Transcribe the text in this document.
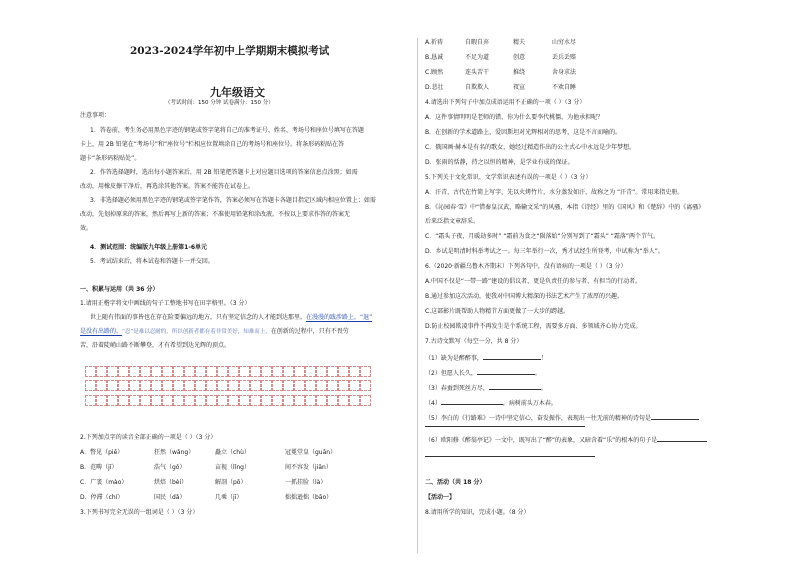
2023-2024学年初中上学期期末模拟考试
九年级语文
（考试时间：150 分钟 试卷满分：150 分）
注意事项：
1．答卷前，考生务必用黑色字迹的钢笔或签字笔将自己的准考证号、姓名、考场号和座位号填写在答题
卡上，用 2B 铅笔在“考场号”和“座位号”栏相应位置填涂自己的考场号和座位号。将条形码粘贴在答
题卡“条形码粘贴处”。
2．作答选择题时，选出每小题答案后，用 2B 铅笔把答题卡上对应题目选项的答案信息点涂黑；如需
改动，用橡皮擦干净后，再选涂其他答案。答案不能答在试卷上。
3．非选择题必须用黑色字迹的钢笔或签字笔作答，答案必须写在答题卡各题目指定区域内相应位置上；如需
改动，先划掉原来的答案，然后再写上新的答案；不准使用铅笔和涂改液。不按以上要求作答的答案无
效。
4．测试范围：统编版九年级上册第1-6单元
5．考试结束后，将本试卷和答题卡一并交回。
一、积累与运用（共 36 分）
1.请用正楷字将文中画线的句子工整地书写在田字格里。（3 分）
世上随有伟面的事皆也在存在险要偏远的地方，只有坚定信念的人才能到达那里。在漫漫的跋涉路上，“退”
是没有出路的。“忍”是难以忍耐的，所以创新者都有着非常美好，知难而上，在创新的过程中，只有不畏劳
苦，沿着陡峭山路不断攀登，才有希望到达光辉的顶点。
2.下列加点字的读音全部正确的一项是（ ）（3 分）
A．瞥见（piē）	狂然（wǎng）	矗立（chù）	冠冕堂皇（guān）
B．范畴（jī）	浩气（gǒ）	亩视（lǐng）	间不容发（jiān）
C．广袤（mào）	烘焙（bèi）	解剖（pō）	一抓挂脸（là）
D．停滞（chí）	国民（dǎ）	几乘（jī）	拙拙逊拙（bāo）
3.下列书写完全无误的一组词是（ ）（3 分）
A.祈祷	自暇自弃	精夫	山穷水尽
B.恳诚	不足为道	创意	丢兵丢赔
C.顾然	连头苦干	推绕	舍身求法
D.悲壮	自欺欺人	衩宣	不欢自睡
4.请选出下列句子中加点成语运用不正确的一项（ ）（3 分）
A．这件事情明明是老师的错，你为什么要李代桃僵，为他承担呢？
B．在创新的学术道路上，爱因斯坦对光辉相对的思考，这是不言而喻的。
C．俄国画·赫本是有名的歌女，她经过精造作出的公主式心中永远是少年梦想。
D．张雨的恬静，持之以恒的精神，是学业有成的保证。
5.下列关于文化常识、文学常识表述有误的一项是（ ）（3 分）
A．汗青，古代在竹简上写字，先以火烤竹片，水分蒸发如汗，故称之为 “汗青”。常用来指史册。
B．《沁园春·雪》中“惜秦皇汉武，略输文采”的风骚，本指《诗经》里的《国风》和《楚辞》中的《离骚》
后来泛指文章辞采。
C．“霜头子夜，月暖劫多时” “霜前为食之“陨落始”分别写到了“霜头” “霜落”两个节气。
D．乡试是明清时科举考试之一。每三年举行一次，秀才试经生所登考，中试称为“举人”。
6.（2020·新疆乌鲁木齐期末）下列各句中，没有语病的一项是（ ）（3 分）
A.中国不仅是“一带一路”建设的倡议者，更是负责任的参与者、有担当的行动者。
B.通过参加这次活动，使我对中国博大精深的书法艺术产生了浓厚的兴趣。
C.这部影片既帮助人物精节方面更做了一大步的跨越。
D.防止校园欺凌事件不再发生是个系统工程，需要多方面、多领域齐心协力完成。
7.古诗文默写（每空一分，共 8 分）
（1）缺为是醉醉事，	！
（2）但愿人长久，	。
（3）春蚕到死丝方尽，	。
（4）	，病树前头万木春。
（5）李白的《行路难》一诗中坚定信心，奋发振作，表现出一往无前的精神的诗句是
（6）欧阳修《醉翁亭记》一文中，既写出了“醉”的表象，又暗含着“乐”的根本的句子是
二、活动（共 18 分）
【活动一】
8.请用所学的知识，完成小题。（8 分）
